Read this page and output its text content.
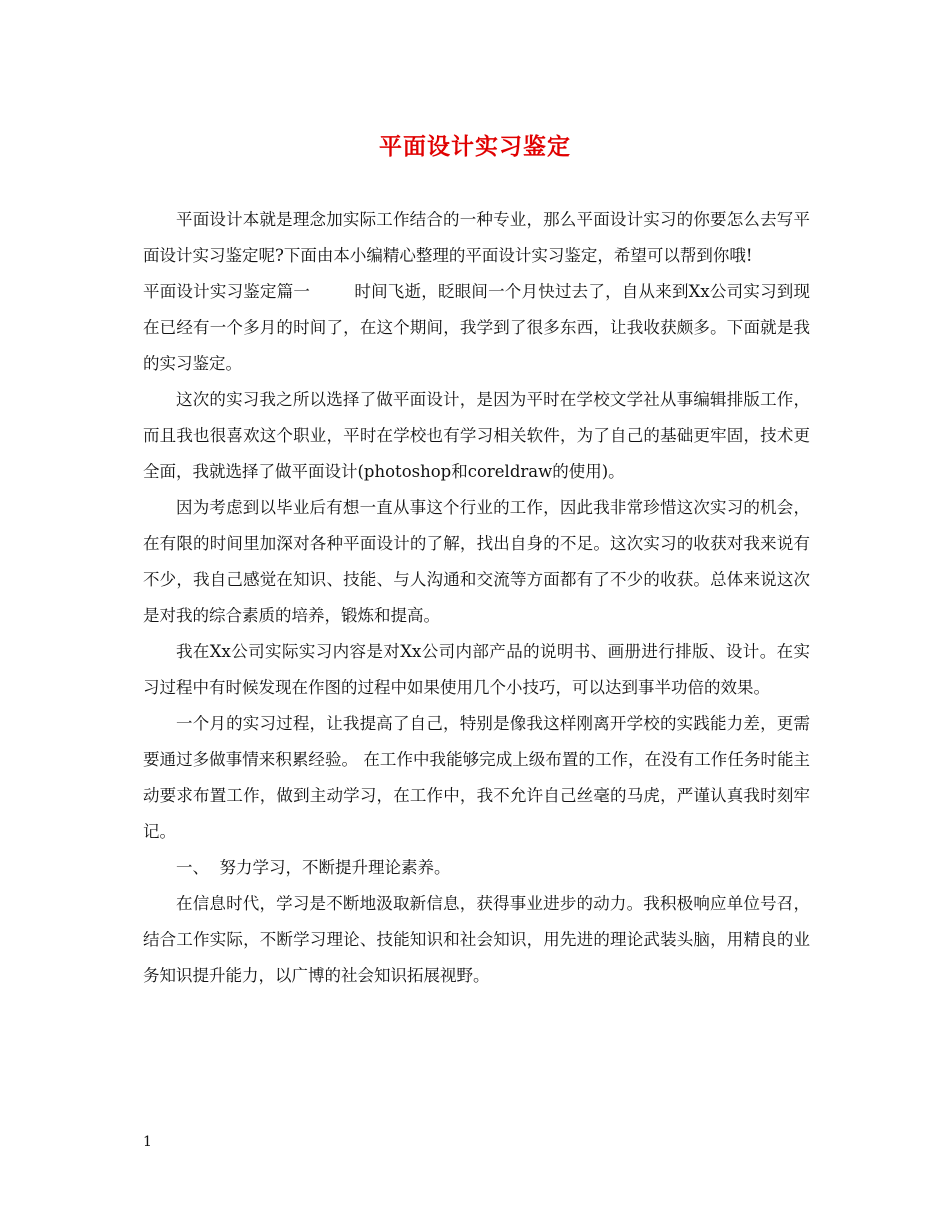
平面设计实习鉴定

平面设计本就是理念加实际工作结合的一种专业，那么平面设计实习的你要怎么去写平面设计实习鉴定呢?下面由本小编精心整理的平面设计实习鉴定，希望可以帮到你哦!

平面设计实习鉴定篇一	时间飞逝，眨眼间一个月快过去了，自从来到Xx公司实习到现在已经有一个多月的时间了，在这个期间，我学到了很多东西，让我收获颇多。下面就是我的实习鉴定。

这次的实习我之所以选择了做平面设计，是因为平时在学校文学社从事编辑排版工作，而且我也很喜欢这个职业，平时在学校也有学习相关软件，为了自己的基础更牢固，技术更全面，我就选择了做平面设计(photoshop和coreldraw的使用)。

因为考虑到以毕业后有想一直从事这个行业的工作，因此我非常珍惜这次实习的机会，在有限的时间里加深对各种平面设计的了解，找出自身的不足。这次实习的收获对我来说有不少，我自己感觉在知识、技能、与人沟通和交流等方面都有了不少的收获。总体来说这次是对我的综合素质的培养，锻炼和提高。

我在Xx公司实际实习内容是对Xx公司内部产品的说明书、画册进行排版、设计。在实习过程中有时候发现在作图的过程中如果使用几个小技巧，可以达到事半功倍的效果。

一个月的实习过程，让我提高了自己，特别是像我这样刚离开学校的实践能力差，更需要通过多做事情来积累经验。 在工作中我能够完成上级布置的工作，在没有工作任务时能主动要求布置工作，做到主动学习，在工作中，我不允许自己丝毫的马虎，严谨认真我时刻牢记。

一、  努力学习，不断提升理论素养。

在信息时代，学习是不断地汲取新信息，获得事业进步的动力。我积极响应单位号召，结合工作实际，不断学习理论、技能知识和社会知识，用先进的理论武装头脑，用精良的业务知识提升能力，以广博的社会知识拓展视野。

1
